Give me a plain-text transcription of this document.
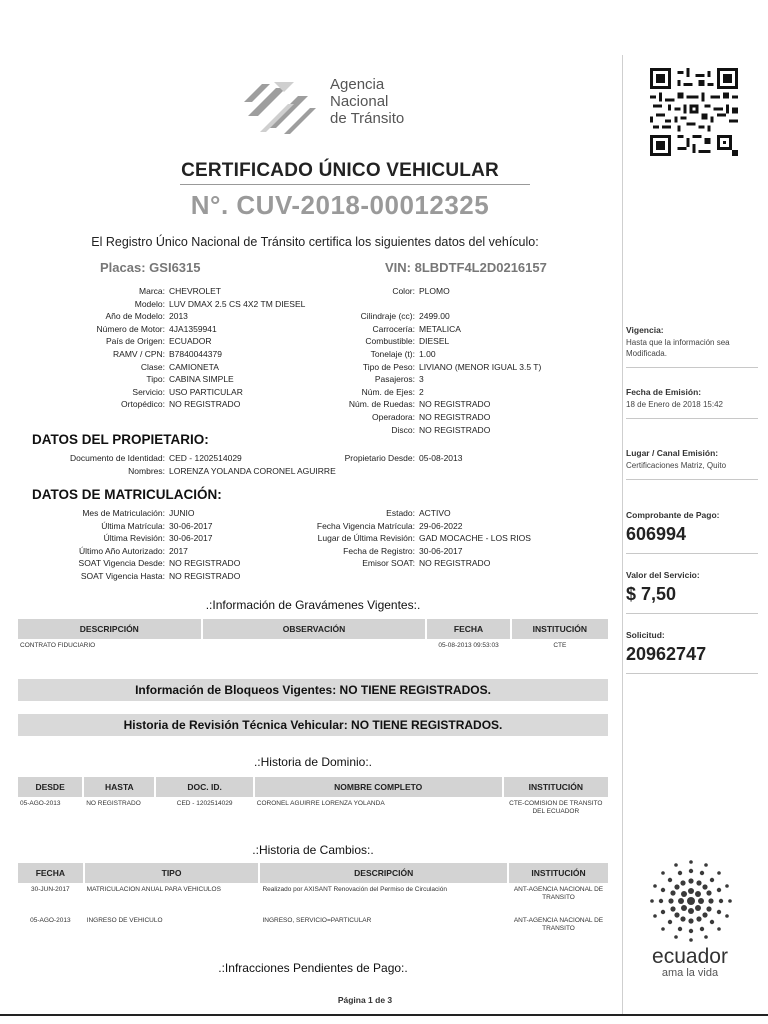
Agencia
Nacional
de Tránsito
CERTIFICADO ÚNICO VEHICULAR
N°. CUV-2018-00012325
El Registro Único Nacional de Tránsito certifica los siguientes datos del vehículo:
Placas: GSI6315	VIN: 8LBDTF4L2D0216157
Marca: CHEVROLET
Modelo: LUV DMAX 2.5 CS 4X2 TM DIESEL
Año de Modelo: 2013
Número de Motor: 4JA1359941
País de Origen: ECUADOR
RAMV / CPN: B7840044379
Clase: CAMIONETA
Tipo: CABINA SIMPLE
Servicio: USO PARTICULAR
Ortopédico: NO REGISTRADO
Color: PLOMO

Cilindraje (cc): 2499.00
Carrocería: METALICA
Combustible: DIESEL
Tonelaje (t): 1.00
Tipo de Peso: LIVIANO (MENOR IGUAL 3.5 T)
Pasajeros: 3
Núm. de Ejes: 2
Núm. de Ruedas: NO REGISTRADO
Operadora: NO REGISTRADO
Disco: NO REGISTRADO
DATOS DEL PROPIETARIO:
Documento de Identidad: CED - 1202514029
Nombres: LORENZA YOLANDA CORONEL AGUIRRE
Propietario Desde: 05-08-2013
DATOS DE MATRICULACIÓN:
Mes de Matriculación: JUNIO
Última Matrícula: 30-06-2017
Última Revisión: 30-06-2017
Último Año Autorizado: 2017
SOAT Vigencia Desde: NO REGISTRADO
SOAT Vigencia Hasta: NO REGISTRADO
Estado: ACTIVO
Fecha Vigencia Matrícula: 29-06-2022
Lugar de Última Revisión: GAD MOCACHE - LOS RIOS
Fecha de Registro: 30-06-2017
Emisor SOAT: NO REGISTRADO
.:Información de Gravámenes Vigentes:.
DESCRIPCIÓN	OBSERVACIÓN	FECHA	INSTITUCIÓN
CONTRATO FIDUCIARIO		05-08-2013 09:53:03	CTE
Información de Bloqueos Vigentes: NO TIENE REGISTRADOS.
Historia de Revisión Técnica Vehicular: NO TIENE REGISTRADOS.
.:Historia de Dominio:.
DESDE	HASTA	DOC. ID.	NOMBRE COMPLETO	INSTITUCIÓN
05-AGO-2013	NO REGISTRADO	CED - 1202514029	CORONEL AGUIRRE LORENZA YOLANDA	CTE-COMISION DE TRANSITO DEL ECUADOR
.:Historia de Cambios:.
FECHA	TIPO	DESCRIPCIÓN	INSTITUCIÓN
30-JUN-2017	MATRICULACION ANUAL PARA VEHICULOS	Realizado por AXISANT Renovación del Permiso de Circulación	ANT-AGENCIA NACIONAL DE TRANSITO
05-AGO-2013	INGRESO DE VEHICULO	INGRESO, SERVICIO=PARTICULAR	ANT-AGENCIA NACIONAL DE TRANSITO
.:Infracciones Pendientes de Pago:.
Página 1 de 3
Vigencia:
Hasta que la información sea Modificada.
Fecha de Emisión:
18 de Enero de 2018 15:42
Lugar / Canal Emisión:
Certificaciones Matriz, Quito
Comprobante de Pago:
606994
Valor del Servicio:
$ 7,50
Solicitud:
20962747
ecuador
ama la vida
